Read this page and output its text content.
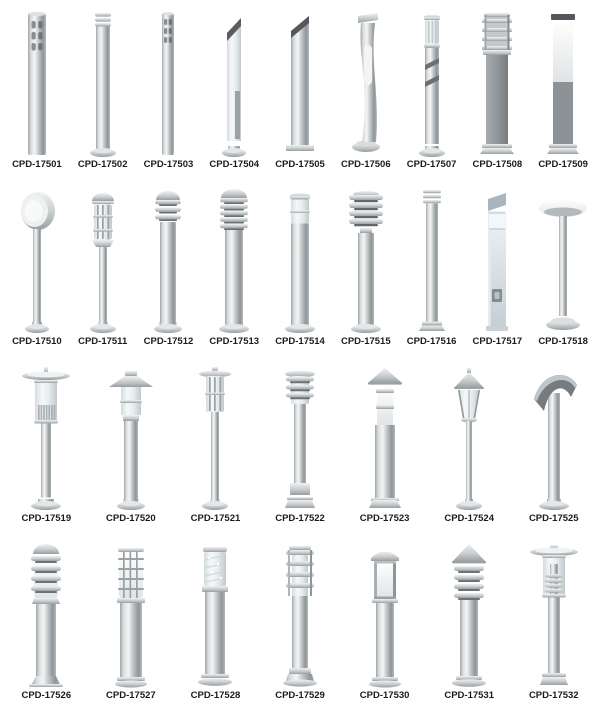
CPD-17501 CPD-17502 CPD-17503 CPD-17504 CPD-17505 CPD-17506 CPD-17507 CPD-17508 CPD-17509
CPD-17510 CPD-17511 CPD-17512 CPD-17513 CPD-17514 CPD-17515 CPD-17516 CPD-17517 CPD-17518
CPD-17519	CPD-17520	CPD-17521	CPD-17522	CPD-17523	CPD-17524	CPD-17525
CPD-17526	CPD-17527	CPD-17528	CPD-17529	CPD-17530	CPD-17531	CPD-17532
